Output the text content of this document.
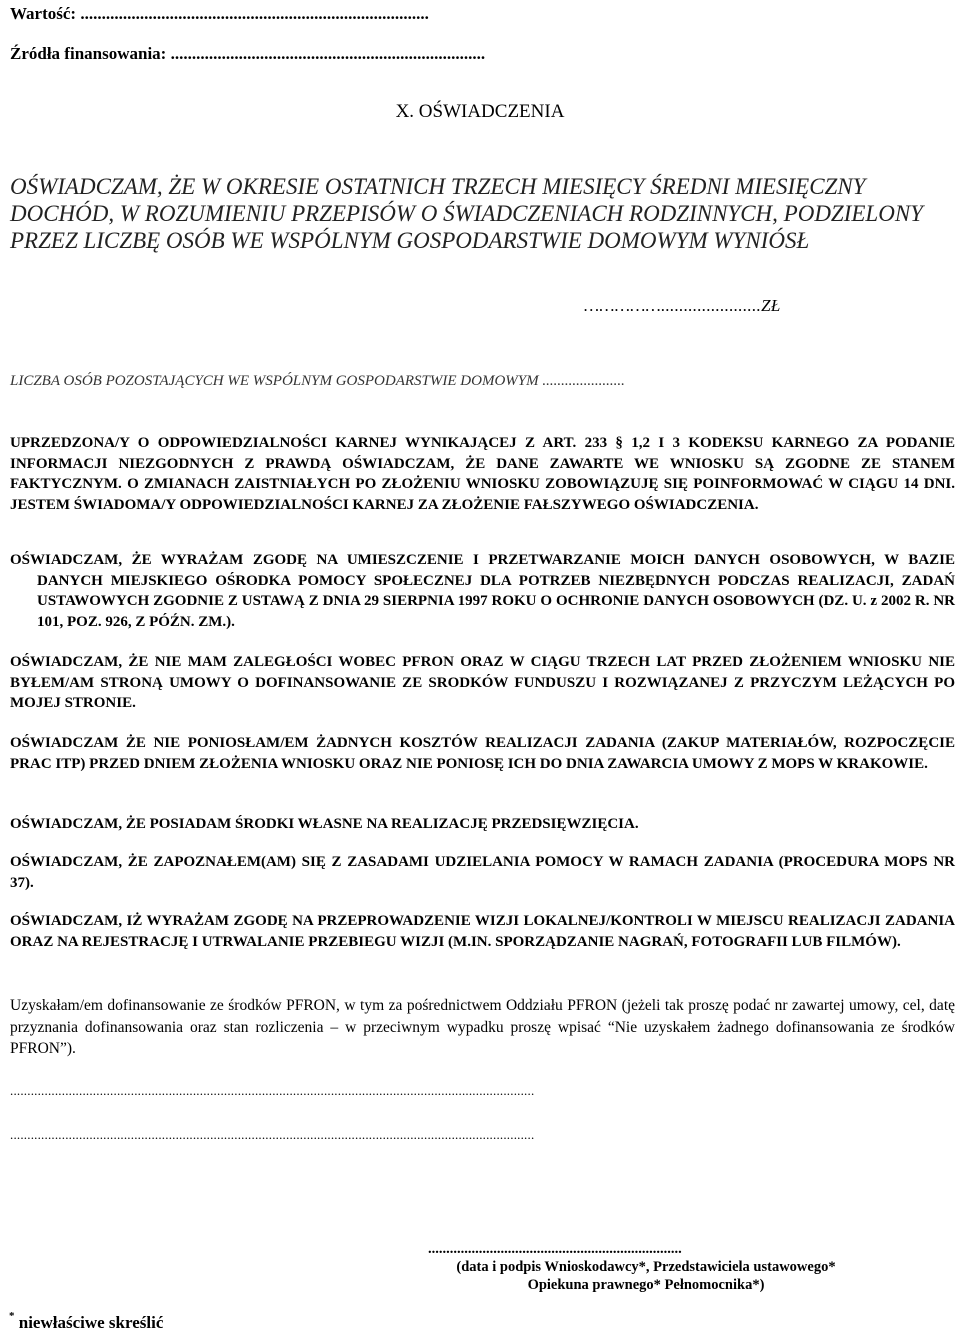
Wartość: ..................................................................................
Źródła finansowania: ..........................................................................
X. OŚWIADCZENIA
OŚWIADCZAM, ŻE W OKRESIE OSTATNICH TRZECH MIESIĘCY ŚREDNI MIESIĘCZNY DOCHÓD, W ROZUMIENIU PRZEPISÓW O ŚWIADCZENIACH RODZINNYCH, PODZIELONY PRZEZ LICZBĘ OSÓB WE WSPÓLNYM GOSPODARSTWIE DOMOWYM WYNIÓSŁ
……………......................ZŁ
LICZBA OSÓB POZOSTAJĄCYCH WE WSPÓLNYM GOSPODARSTWIE DOMOWYM ......................
UPRZEDZONA/Y O ODPOWIEDZIALNOŚCI KARNEJ WYNIKAJĄCEJ Z ART. 233 § 1,2 I 3 KODEKSU KARNEGO ZA PODANIE INFORMACJI NIEZGODNYCH Z PRAWDĄ OŚWIADCZAM, ŻE DANE ZAWARTE WE WNIOSKU SĄ ZGODNE ZE STANEM FAKTYCZNYM. O ZMIANACH ZAISTNIAŁYCH PO ZŁOŻENIU WNIOSKU ZOBOWIĄZUJĘ SIĘ POINFORMOWAĆ W CIĄGU 14 DNI. JESTEM ŚWIADOMA/Y ODPOWIEDZIALNOŚCI KARNEJ ZA ZŁOŻENIE FAŁSZYWEGO OŚWIADCZENIA.
OŚWIADCZAM, ŻE WYRAŻAM ZGODĘ NA UMIESZCZENIE I PRZETWARZANIE MOICH DANYCH OSOBOWYCH, W BAZIE DANYCH MIEJSKIEGO OŚRODKA POMOCY SPOŁECZNEJ DLA POTRZEB NIEZBĘDNYCH PODCZAS REALIZACJI, ZADAŃ USTAWOWYCH ZGODNIE Z USTAWĄ Z DNIA 29 SIERPNIA 1997 ROKU O OCHRONIE DANYCH OSOBOWYCH (DZ. U. z 2002 R. NR 101, POZ. 926, Z PÓŹN. ZM.).
OŚWIADCZAM, ŻE NIE MAM ZALEGŁOŚCI WOBEC PFRON ORAZ W CIĄGU TRZECH LAT PRZED ZŁOŻENIEM WNIOSKU NIE BYŁEM/AM STRONĄ UMOWY O DOFINANSOWANIE ZE SRODKÓW FUNDUSZU I ROZWIĄZANEJ Z PRZYCZYM LEŻĄCYCH PO MOJEJ STRONIE.
OŚWIADCZAM ŻE NIE PONIOSŁAM/EM ŻADNYCH KOSZTÓW REALIZACJI ZADANIA (ZAKUP MATERIAŁÓW, ROZPOCZĘCIE PRAC ITP) PRZED DNIEM ZŁOŻENIA WNIOSKU ORAZ NIE PONIOSĘ ICH DO DNIA ZAWARCIA UMOWY Z MOPS W KRAKOWIE.
OŚWIADCZAM, ŻE POSIADAM ŚRODKI WŁASNE NA REALIZACJĘ PRZEDSIĘWZIĘCIA.
OŚWIADCZAM, ŻE ZAPOZNAŁEM(AM) SIĘ Z ZASADAMI UDZIELANIA POMOCY W RAMACH ZADANIA (PROCEDURA MOPS NR 37).
OŚWIADCZAM, IŻ WYRAŻAM ZGODĘ NA PRZEPROWADZENIE WIZJI LOKALNEJ/KONTROLI W MIEJSCU REALIZACJI ZADANIA ORAZ NA REJESTRACJĘ I UTRWALANIE PRZEBIEGU WIZJI (M.IN. SPORZĄDZANIE NAGRAŃ, FOTOGRAFII LUB FILMÓW).
Uzyskałam/em dofinansowanie ze środków PFRON, w tym za pośrednictwem Oddziału PFRON (jeżeli tak proszę podać nr zawartej umowy, cel, datę przyznania dofinansowania oraz stan rozliczenia – w przeciwnym wypadku proszę wpisać “Nie uzyskałem żadnego dofinansowania ze środków PFRON”).
........................................................................................................................................................
........................................................................................................................................................
......................................................................
(data i podpis Wnioskodawcy*, Przedstawiciela ustawowego*
Opiekuna prawnego* Pełnomocnika*)
* niewłaściwe skreślić
